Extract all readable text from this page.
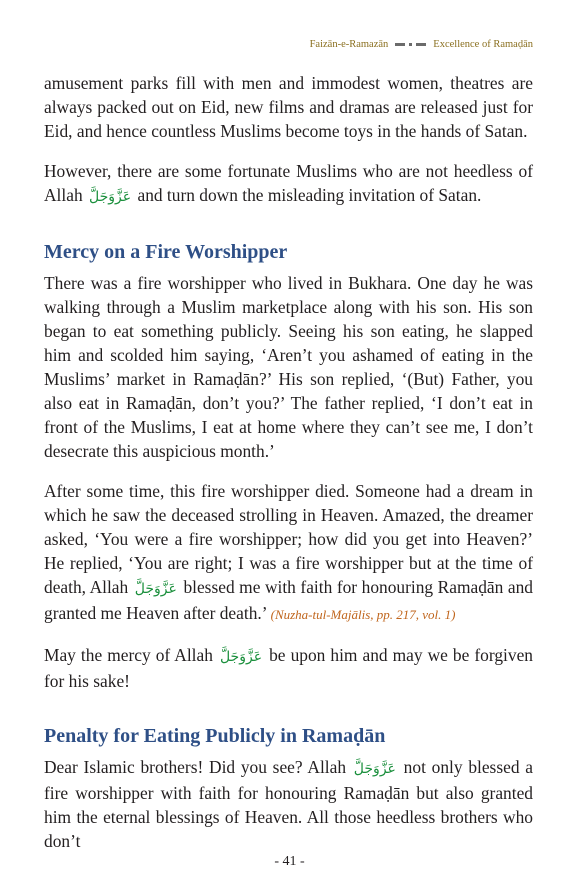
Faizān-e-Ramazān	Excellence of Ramaḍān

amusement parks fill with men and immodest women, theatres are always packed out on Eid, new films and dramas are released just for Eid, and hence countless Muslims become toys in the hands of Satan.

However, there are some fortunate Muslims who are not heedless of Allah عَزَّوَجَلَّ and turn down the misleading invitation of Satan.

Mercy on a Fire Worshipper

There was a fire worshipper who lived in Bukhara. One day he was walking through a Muslim marketplace along with his son. His son began to eat something publicly. Seeing his son eating, he slapped him and scolded him saying, ‘Aren’t you ashamed of eating in the Muslims’ market in Ramaḍān?’ His son replied, ‘(But) Father, you also eat in Ramaḍān, don’t you?’ The father replied, ‘I don’t eat in front of the Muslims, I eat at home where they can’t see me, I don’t desecrate this auspicious month.’

After some time, this fire worshipper died. Someone had a dream in which he saw the deceased strolling in Heaven. Amazed, the dreamer asked, ‘You were a fire worshipper; how did you get into Heaven?’ He replied, ‘You are right; I was a fire worshipper but at the time of death, Allah عَزَّوَجَلَّ blessed me with faith for honouring Ramaḍān and granted me Heaven after death.’ (Nuzha-tul-Majālis, pp. 217, vol. 1)

May the mercy of Allah عَزَّوَجَلَّ be upon him and may we be forgiven for his sake!

Penalty for Eating Publicly in Ramaḍān

Dear Islamic brothers! Did you see? Allah عَزَّوَجَلَّ not only blessed a fire worshipper with faith for honouring Ramaḍān but also granted him the eternal blessings of Heaven. All those heedless brothers who don’t

- 41 -
